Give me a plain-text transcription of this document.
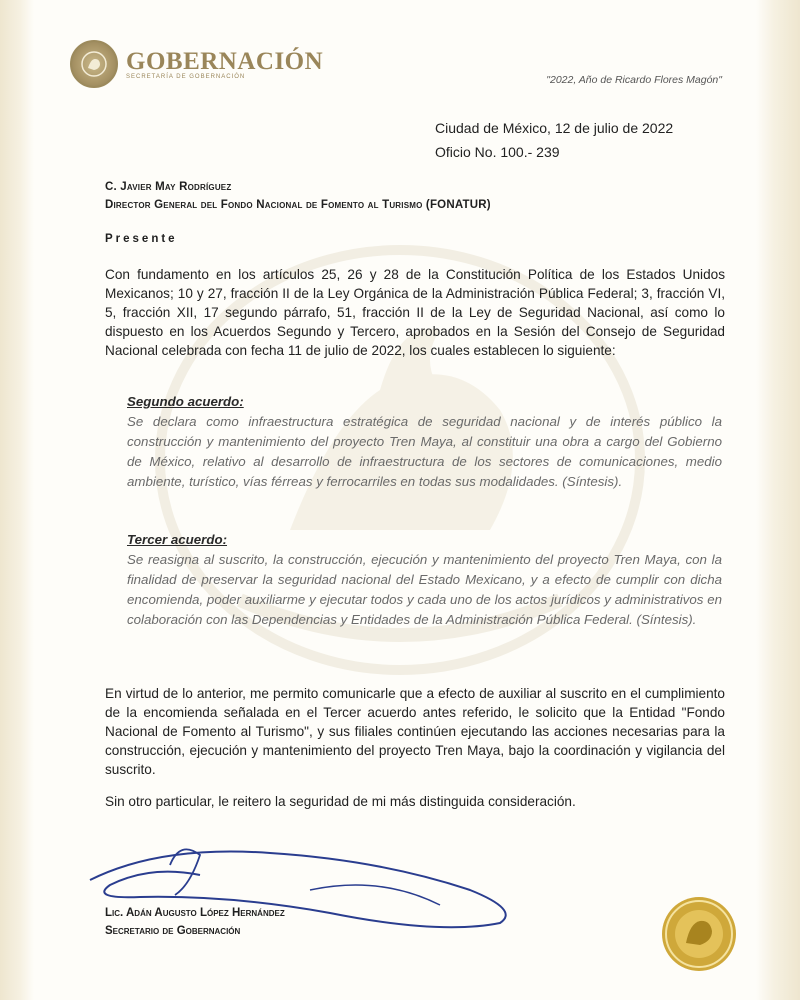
GOBERNACIÓN
SECRETARÍA DE GOBERNACIÓN	"2022, Año de Ricardo Flores Magón"
Ciudad de México, 12 de julio de 2022
Oficio No. 100.- 239
C. Javier May Rodríguez
Director General del Fondo Nacional de Fomento al Turismo (FONATUR)
Presente
Con fundamento en los artículos 25, 26 y 28 de la Constitución Política de los Estados Unidos Mexicanos; 10 y 27, fracción II de la Ley Orgánica de la Administración Pública Federal; 3, fracción VI, 5, fracción XII, 17 segundo párrafo, 51, fracción II de la Ley de Seguridad Nacional, así como lo dispuesto en los Acuerdos Segundo y Tercero, aprobados en la Sesión del Consejo de Seguridad Nacional celebrada con fecha 11 de julio de 2022, los cuales establecen lo siguiente:
Segundo acuerdo:
Se declara como infraestructura estratégica de seguridad nacional y de interés público la construcción y mantenimiento del proyecto Tren Maya, al constituir una obra a cargo del Gobierno de México, relativo al desarrollo de infraestructura de los sectores de comunicaciones, medio ambiente, turístico, vías férreas y ferrocarriles en todas sus modalidades. (Síntesis).
Tercer acuerdo:
Se reasigna al suscrito, la construcción, ejecución y mantenimiento del proyecto Tren Maya, con la finalidad de preservar la seguridad nacional del Estado Mexicano, y a efecto de cumplir con dicha encomienda, poder auxiliarme y ejecutar todos y cada uno de los actos jurídicos y administrativos en colaboración con las Dependencias y Entidades de la Administración Pública Federal. (Síntesis).
En virtud de lo anterior, me permito comunicarle que a efecto de auxiliar al suscrito en el cumplimiento de la encomienda señalada en el Tercer acuerdo antes referido, le solicito que la Entidad "Fondo Nacional de Fomento al Turismo", y sus filiales continúen ejecutando las acciones necesarias para la construcción, ejecución y mantenimiento del proyecto Tren Maya, bajo la coordinación y vigilancia del suscrito.
Sin otro particular, le reitero la seguridad de mi más distinguida consideración.
Lic. Adán Augusto López Hernández
Secretario de Gobernación
